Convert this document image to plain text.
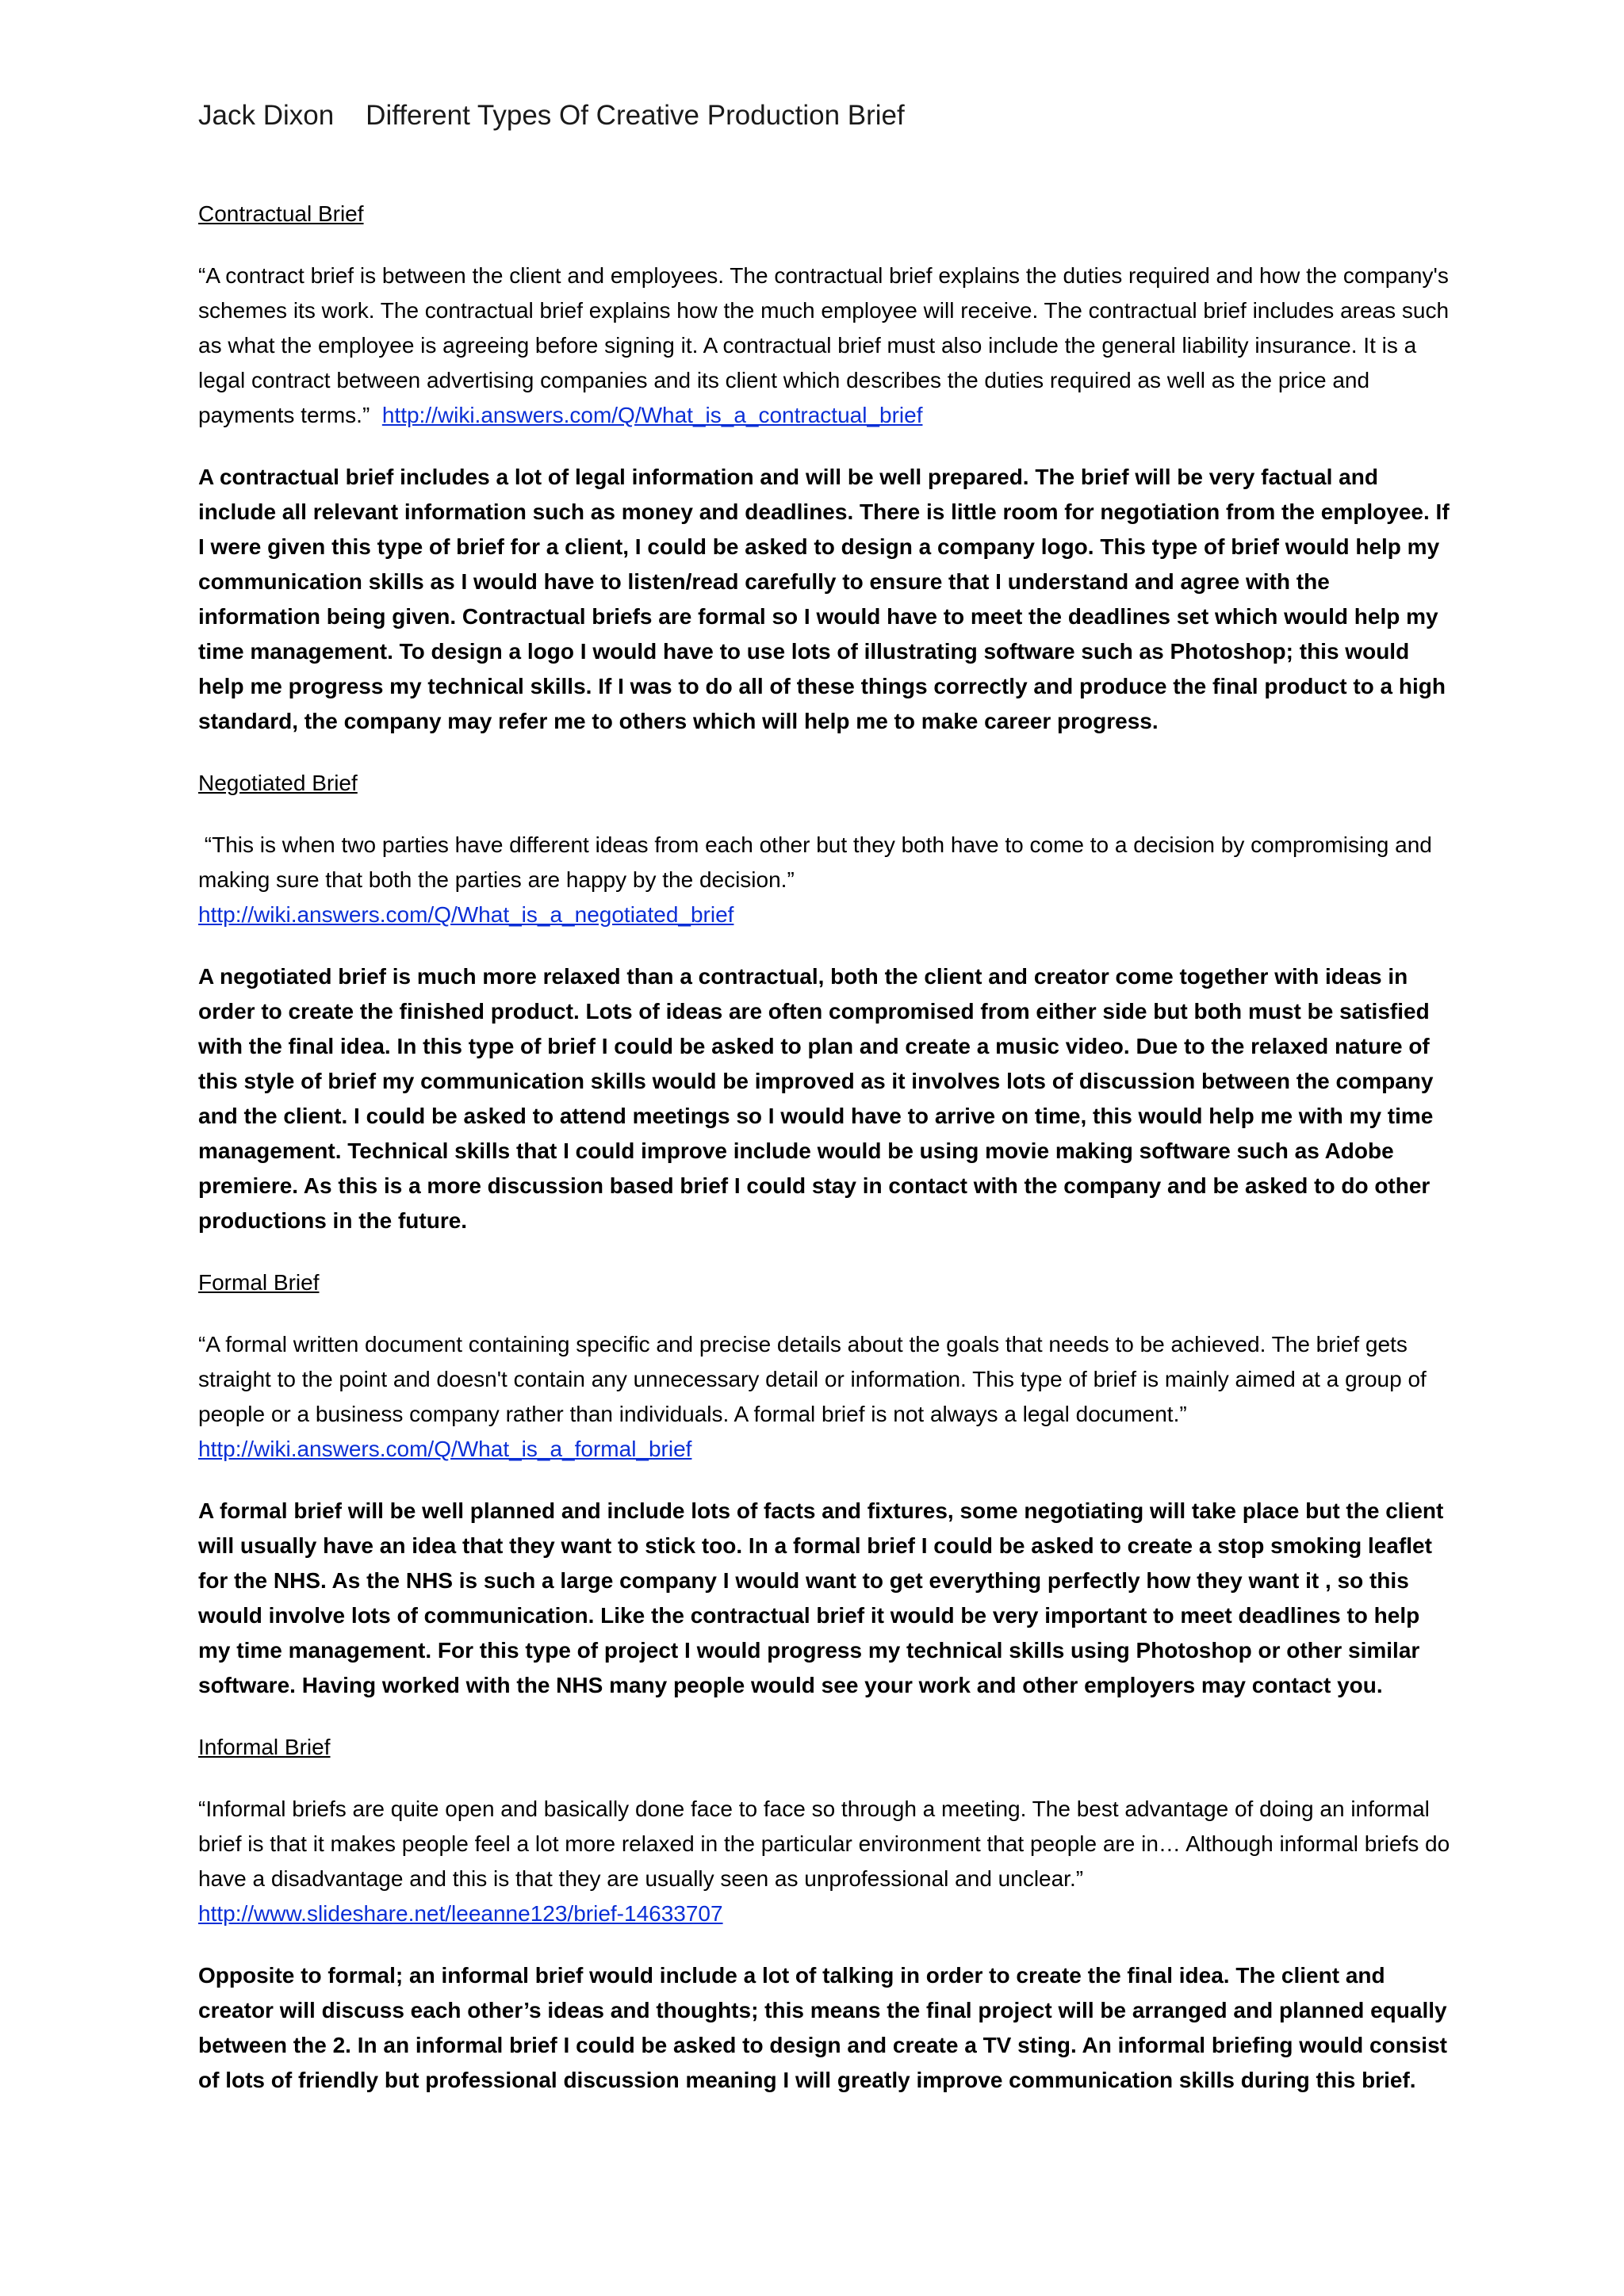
Jack Dixon Different Types Of Creative Production Brief

Contractual Brief

“A contract brief is between the client and employees. The contractual brief explains the duties required and how the company's schemes its work. The contractual brief explains how the much employee will receive. The contractual brief includes areas such as what the employee is agreeing before signing it. A contractual brief must also include the general liability insurance. It is a legal contract between advertising companies and its client which describes the duties required as well as the price and payments terms.” http://wiki.answers.com/Q/What_is_a_contractual_brief

A contractual brief includes a lot of legal information and will be well prepared. The brief will be very factual and include all relevant information such as money and deadlines. There is little room for negotiation from the employee. If I were given this type of brief for a client, I could be asked to design a company logo. This type of brief would help my communication skills as I would have to listen/read carefully to ensure that I understand and agree with the information being given. Contractual briefs are formal so I would have to meet the deadlines set which would help my time management. To design a logo I would have to use lots of illustrating software such as Photoshop; this would help me progress my technical skills. If I was to do all of these things correctly and produce the final product to a high standard, the company may refer me to others which will help me to make career progress.

Negotiated Brief

“This is when two parties have different ideas from each other but they both have to come to a decision by compromising and making sure that both the parties are happy by the decision.”
http://wiki.answers.com/Q/What_is_a_negotiated_brief

A negotiated brief is much more relaxed than a contractual, both the client and creator come together with ideas in order to create the finished product. Lots of ideas are often compromised from either side but both must be satisfied with the final idea. In this type of brief I could be asked to plan and create a music video. Due to the relaxed nature of this style of brief my communication skills would be improved as it involves lots of discussion between the company and the client. I could be asked to attend meetings so I would have to arrive on time, this would help me with my time management. Technical skills that I could improve include would be using movie making software such as Adobe premiere. As this is a more discussion based brief I could stay in contact with the company and be asked to do other productions in the future.

Formal Brief

“A formal written document containing specific and precise details about the goals that needs to be achieved. The brief gets straight to the point and doesn't contain any unnecessary detail or information. This type of brief is mainly aimed at a group of people or a business company rather than individuals. A formal brief is not always a legal document.”
http://wiki.answers.com/Q/What_is_a_formal_brief

A formal brief will be well planned and include lots of facts and fixtures, some negotiating will take place but the client will usually have an idea that they want to stick too. In a formal brief I could be asked to create a stop smoking leaflet for the NHS. As the NHS is such a large company I would want to get everything perfectly how they want it , so this would involve lots of communication. Like the contractual brief it would be very important to meet deadlines to help my time management. For this type of project I would progress my technical skills using Photoshop or other similar software. Having worked with the NHS many people would see your work and other employers may contact you.

Informal Brief

“Informal briefs are quite open and basically done face to face so through a meeting. The best advantage of doing an informal brief is that it makes people feel a lot more relaxed in the particular environment that people are in… Although informal briefs do have a disadvantage and this is that they are usually seen as unprofessional and unclear.”
http://www.slideshare.net/leeanne123/brief-14633707

Opposite to formal; an informal brief would include a lot of talking in order to create the final idea. The client and creator will discuss each other’s ideas and thoughts; this means the final project will be arranged and planned equally between the 2. In an informal brief I could be asked to design and create a TV sting. An informal briefing would consist of lots of friendly but professional discussion meaning I will greatly improve communication skills during this brief.
